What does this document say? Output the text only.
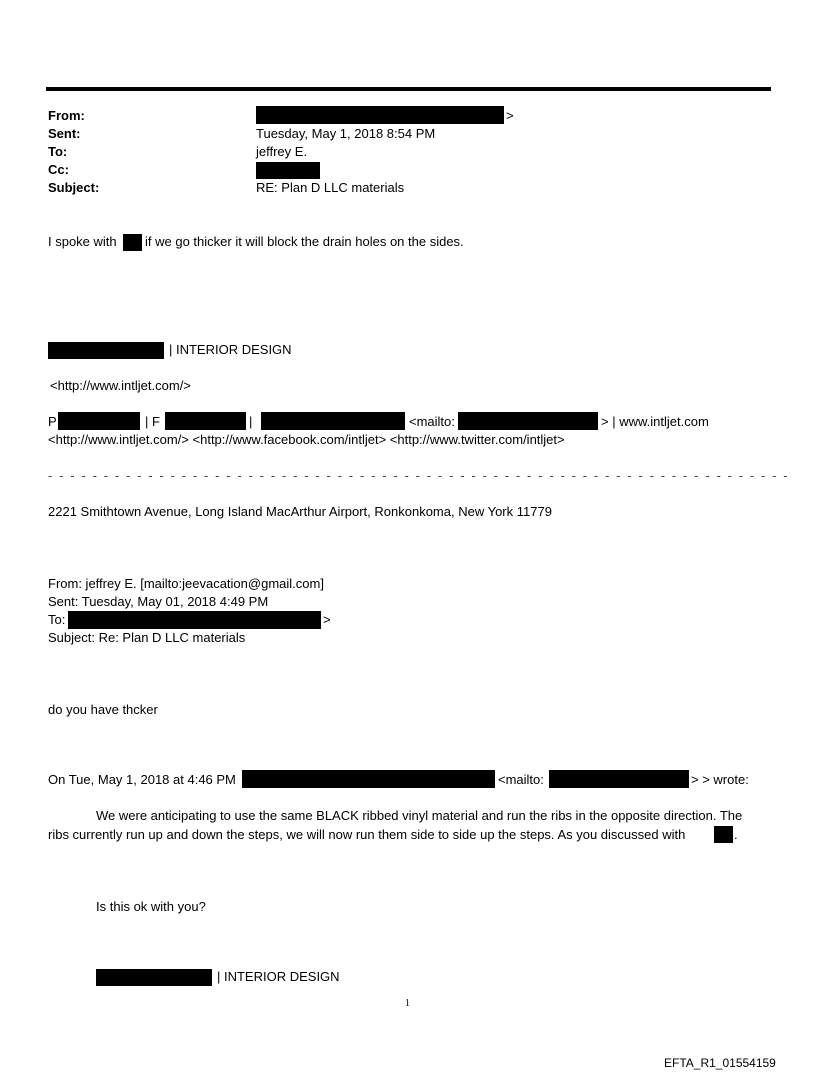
From:	>
Sent:	Tuesday, May 1, 2018 8:54 PM
To:	jeffrey E.
Cc:
Subject:	RE: Plan D LLC materials
I spoke with if we go thicker it will block the drain holes on the sides.
| INTERIOR DESIGN
<http://www.intljet.com/>
P	| F	|	<mailto:	> | www.intljet.com
<http://www.intljet.com/> <http://www.facebook.com/intljet> <http://www.twitter.com/intljet>
- - - - - - - - - - - - - - - - - - - - - - - - - - - - - - - - - - - - - - - - - - - - - - - - - - - - - - - - - - - - - - - - - - -
2221 Smithtown Avenue, Long Island MacArthur Airport, Ronkonkoma, New York 11779
From: jeffrey E. [mailto:jeevacation@gmail.com]
Sent: Tuesday, May 01, 2018 4:49 PM
To:	>
Subject: Re: Plan D LLC materials
do you have thcker
On Tue, May 1, 2018 at 4:46 PM	<mailto:	> > wrote:
We were anticipating to use the same BLACK ribbed vinyl material and run the ribs in the opposite direction. The
ribs currently run up and down the steps, we will now run them side to side up the steps. As you discussed with	.
Is this ok with you?
| INTERIOR DESIGN
1
EFTA_R1_01554159
